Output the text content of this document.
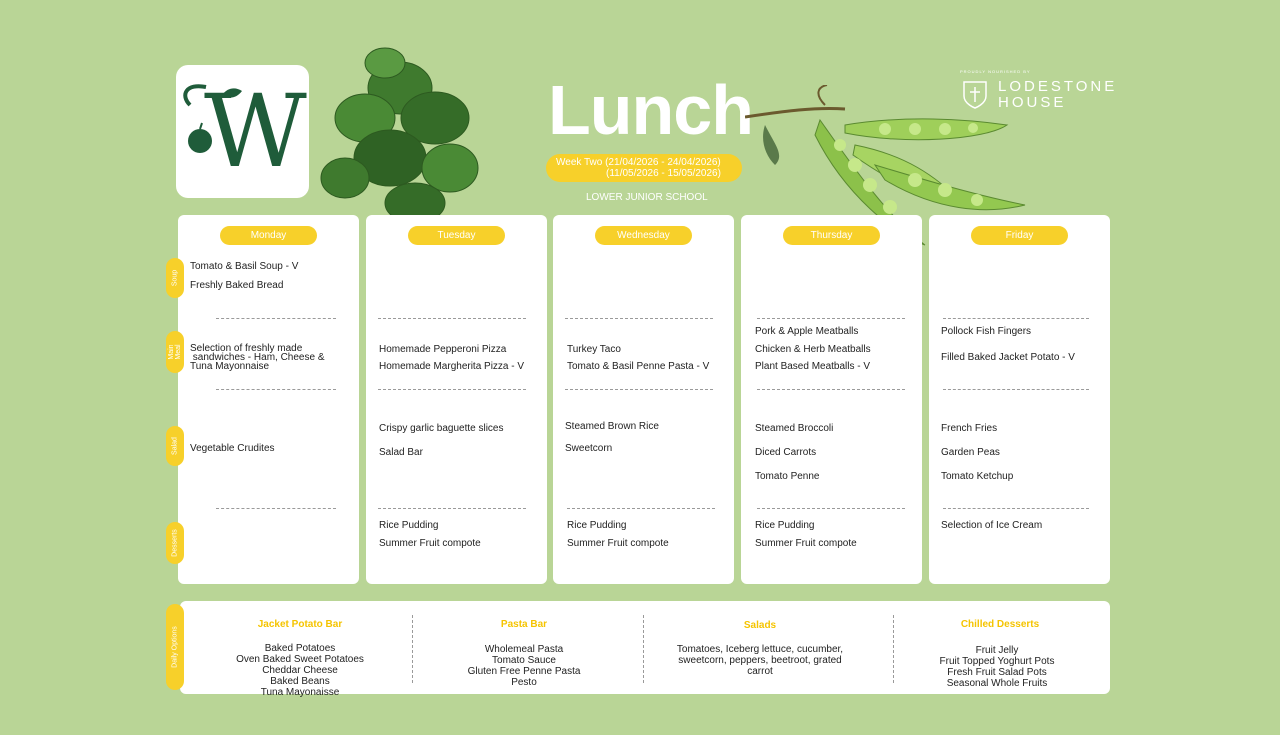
W	Lunch
Week Two (21/04/2026 - 24/04/2026)
(11/05/2026 - 15/05/2026)
LOWER JUNIOR SCHOOL
PROUDLY NOURISHED BY
LODESTONE
HOUSE
Monday
Tomato & Basil Soup - V
Freshly Baked Bread
Selection of freshly made
sandwiches - Ham, Cheese &
Tuna Mayonnaise
Vegetable Crudites
Tuesday
Homemade Pepperoni Pizza
Homemade Margherita Pizza - V
Crispy garlic baguette slices
Salad Bar
Rice Pudding
Summer Fruit compote
Wednesday
Turkey Taco
Tomato & Basil Penne Pasta - V
Steamed Brown Rice
Sweetcorn
Rice Pudding
Summer Fruit compote
Thursday
Pork & Apple Meatballs
Chicken & Herb Meatballs
Plant Based Meatballs - V
Steamed Broccoli
Diced Carrots
Tomato Penne
Rice Pudding
Summer Fruit compote
Friday
Pollock Fish Fingers
Filled Baked Jacket Potato - V
French Fries
Garden Peas
Tomato Ketchup
Selection of Ice Cream
Soup
Main Meal
Salad
Desserts
Daily Options
Jacket Potato Bar
Baked Potatoes
Oven Baked Sweet Potatoes
Cheddar Cheese
Baked Beans
Tuna Mayonaisse
Pasta Bar
Wholemeal Pasta
Tomato Sauce
Gluten Free Penne Pasta
Pesto
Salads
Tomatoes, Iceberg lettuce, cucumber,
sweetcorn, peppers, beetroot, grated
carrot
Chilled Desserts
Fruit Jelly
Fruit Topped Yoghurt Pots
Fresh Fruit Salad Pots
Seasonal Whole Fruits
